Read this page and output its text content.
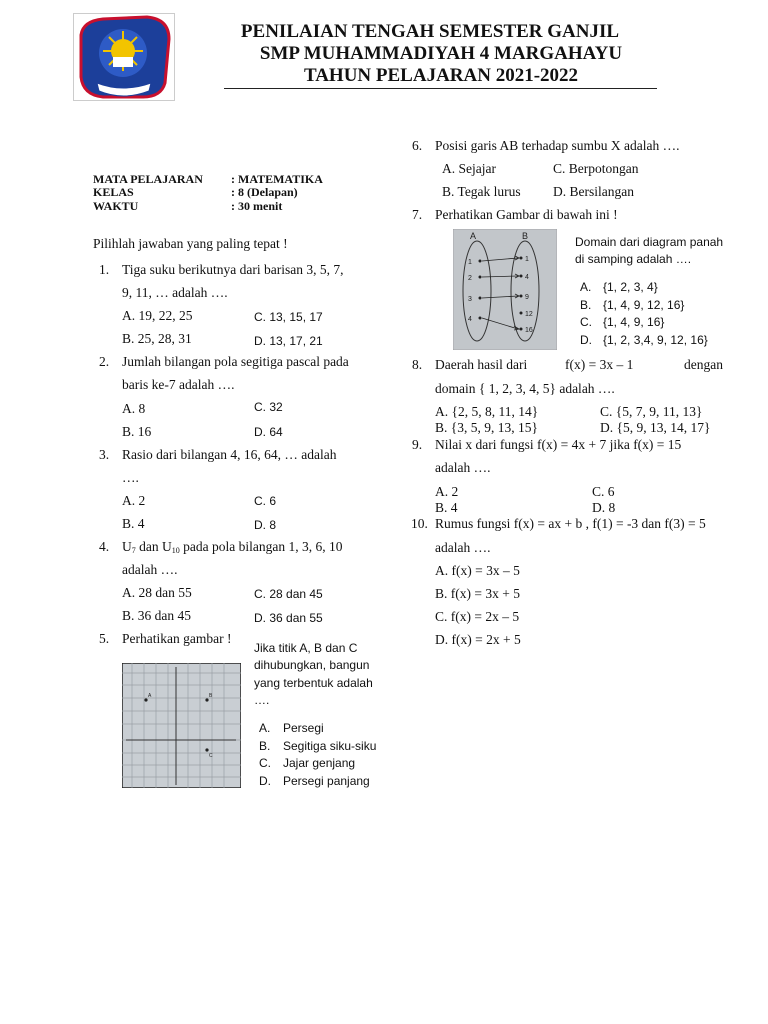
SMPM4
PENILAIAN TENGAH SEMESTER GANJIL
SMP MUHAMMADIYAH 4 MARGAHAYU
TAHUN PELAJARAN 2021-2022
MATA PELAJARAN : MATEMATIKA
KELAS	: 8 (Delapan)
WAKTU	: 30 menit
Pilihlah jawaban yang paling tepat !
1. Tiga suku berikutnya dari barisan 3, 5, 7,
9, 11, … adalah ….
A. 19, 22, 25
B. 25, 28, 31
C. 13, 15, 17
D. 13, 17, 21
2. Jumlah bilangan pola segitiga pascal pada
baris ke-7 adalah ….
A. 8
B. 16
C. 32
D. 64
3. Rasio dari bilangan 4, 16, 64, … adalah
….
A. 2
B. 4
C. 6
D. 8
4. $U_7$ dan $U_{10}$ pada pola bilangan 1, 3, 6, 10
adalah ….
A. 28 dan 55
B. 36 dan 45
C. 28 dan 45
D. 36 dan 55
5. Perhatikan gambar !
Jika titik A, B dan C
dihubungkan, bangun
yang terbentuk adalah
….
A. Persegi
B. Segitiga siku-siku
C. Jajar genjang
D. Persegi panjang
A	B
C
6. Posisi garis AB terhadap sumbu X adalah ….
A. Sejajar
B. Tegak lurus
C. Berpotongan
D. Bersilangan
7. Perhatikan Gambar di bawah ini !
A	B
1
2
3
4
1
4
9
12
16
Domain dari diagram panah
di samping adalah ….
A. {1, 2, 3, 4}
B. {1, 4, 9, 12, 16}
C. {1, 4, 9, 16}
D. {1, 2, 3,4, 9, 12, 16}
8. Daerah hasil dari	f(x) = 3x – 1	dengan
domain { 1, 2, 3, 4, 5} adalah ….
A. {2, 5, 8, 11, 14}
B. {3, 5, 9, 13, 15}
C. {5, 7, 9, 11, 13}
D. {5, 9, 13, 14, 17}
9. Nilai x dari fungsi f(x) = 4x + 7 jika f(x) = 15
adalah ….
A. 2
B. 4
C. 6
D. 8
10. Rumus fungsi f(x) = ax + b , f(1) = -3 dan f(3) = 5
adalah ….
A. f(x) = 3x – 5
B. f(x) = 3x + 5
C. f(x) = 2x – 5
D. f(x) = 2x + 5
